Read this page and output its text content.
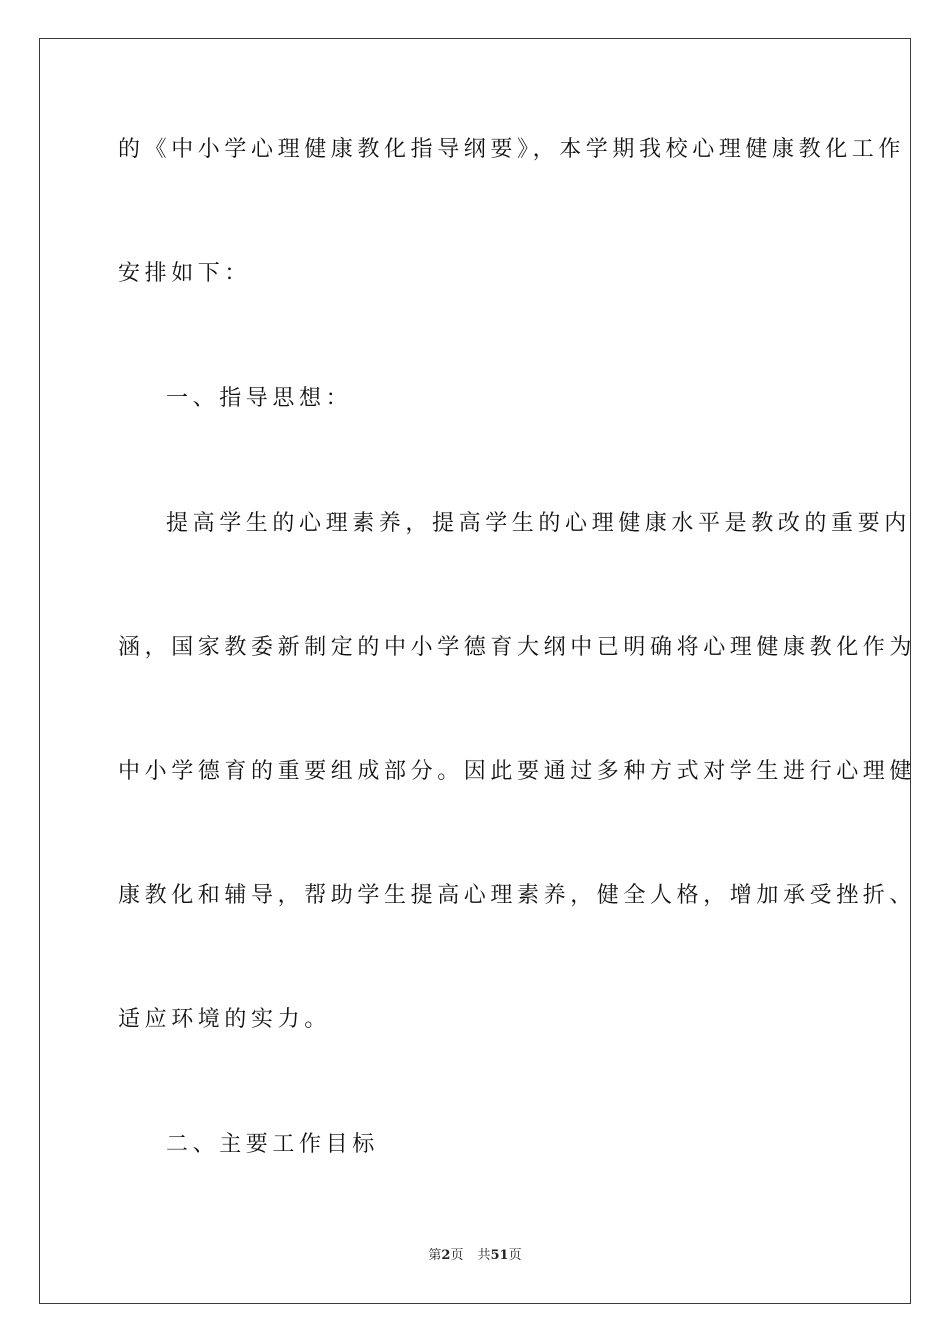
的《中小学心理健康教化指导纲要》，本学期我校心理健康教化工作
安排如下：
一、指导思想：
提高学生的心理素养，提高学生的心理健康水平是教改的重要内
涵，国家教委新制定的中小学德育大纲中已明确将心理健康教化作为
中小学德育的重要组成部分。因此要通过多种方式对学生进行心理健
康教化和辅导，帮助学生提高心理素养，健全人格，增加承受挫折、
适应环境的实力。
二、主要工作目标
第2页 共51页
